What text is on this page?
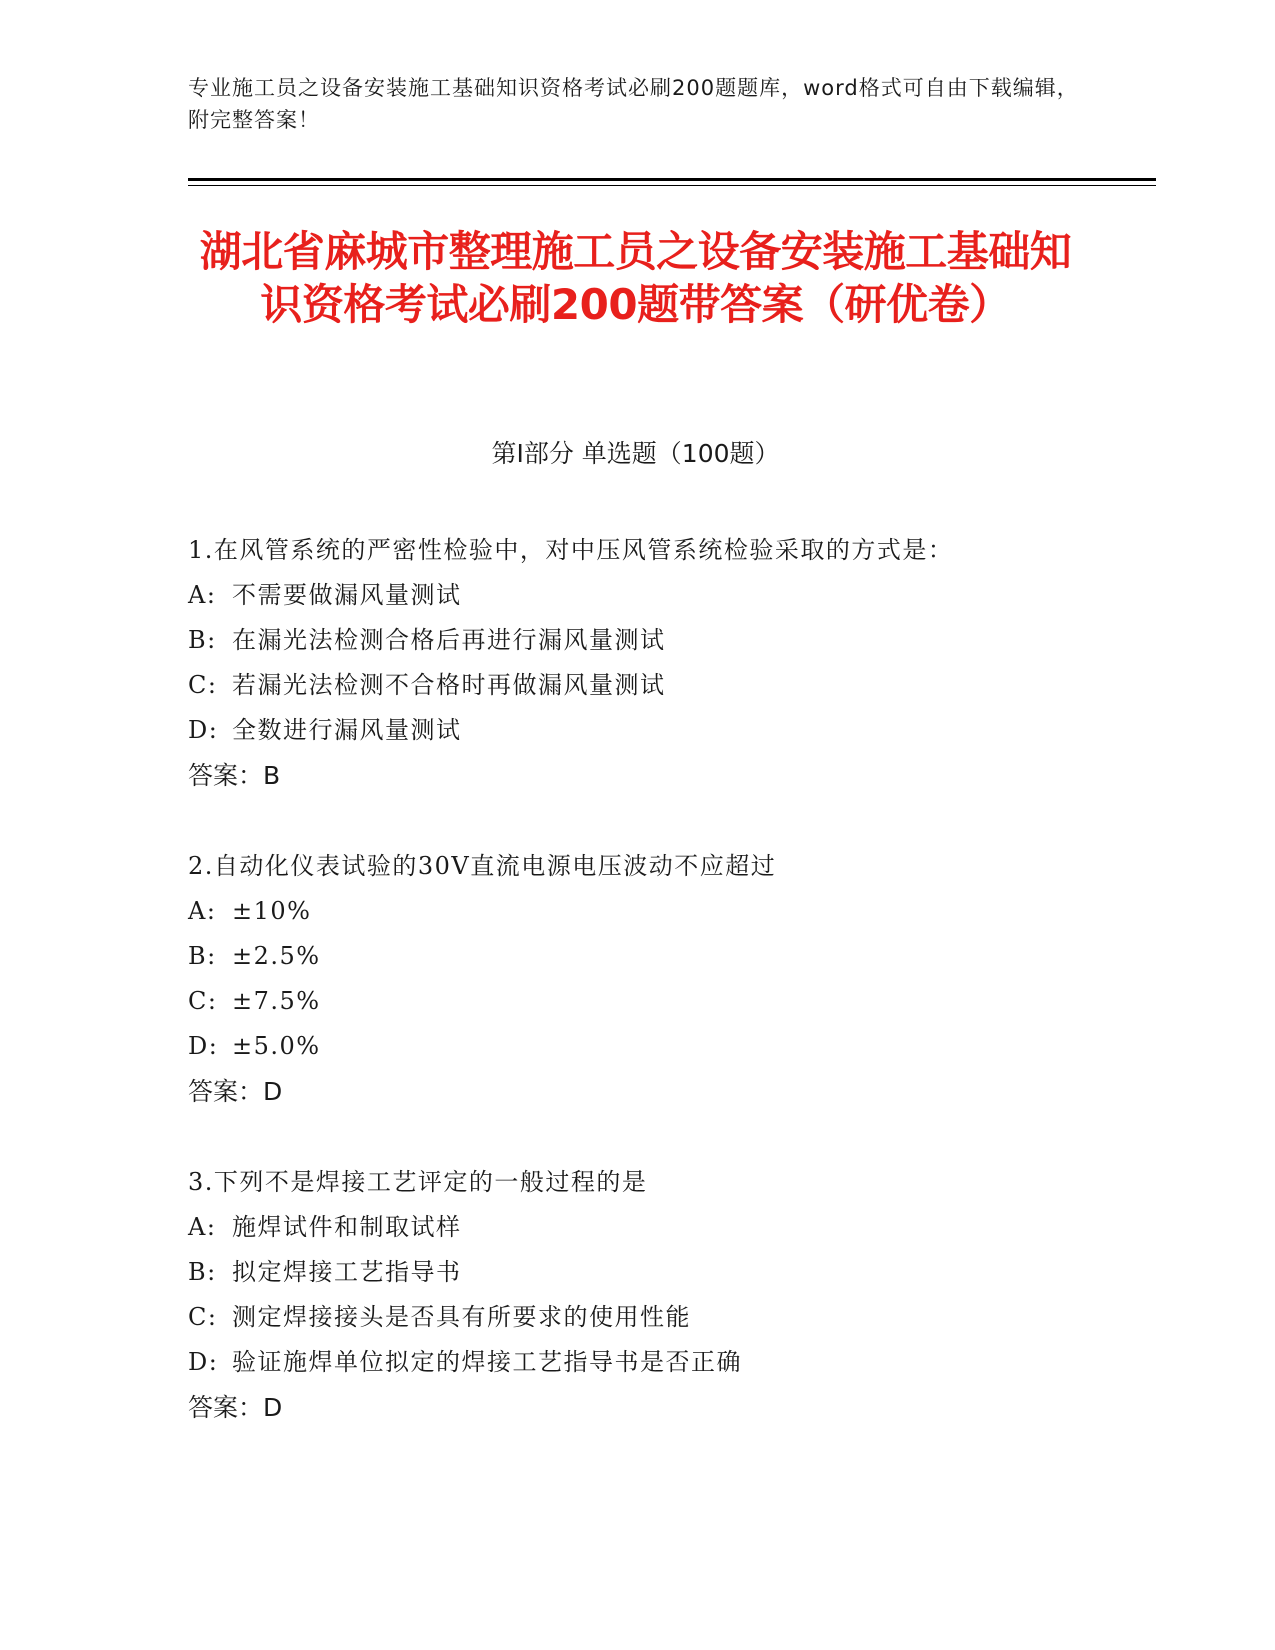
专业施工员之设备安装施工基础知识资格考试必刷200题题库，word格式可自由下载编辑，附完整答案！
湖北省麻城市整理施工员之设备安装施工基础知识资格考试必刷200题带答案（研优卷）
第Ⅰ部分 单选题（100题）
1.在风管系统的严密性检验中，对中压风管系统检验采取的方式是：
A: 不需要做漏风量测试
B: 在漏光法检测合格后再进行漏风量测试
C: 若漏光法检测不合格时再做漏风量测试
D: 全数进行漏风量测试
答案：B
2.自动化仪表试验的30V直流电源电压波动不应超过
A: ±10%
B: ±2.5%
C: ±7.5%
D: ±5.0%
答案：D
3.下列不是焊接工艺评定的一般过程的是
A: 施焊试件和制取试样
B: 拟定焊接工艺指导书
C: 测定焊接接头是否具有所要求的使用性能
D: 验证施焊单位拟定的焊接工艺指导书是否正确
答案：D
